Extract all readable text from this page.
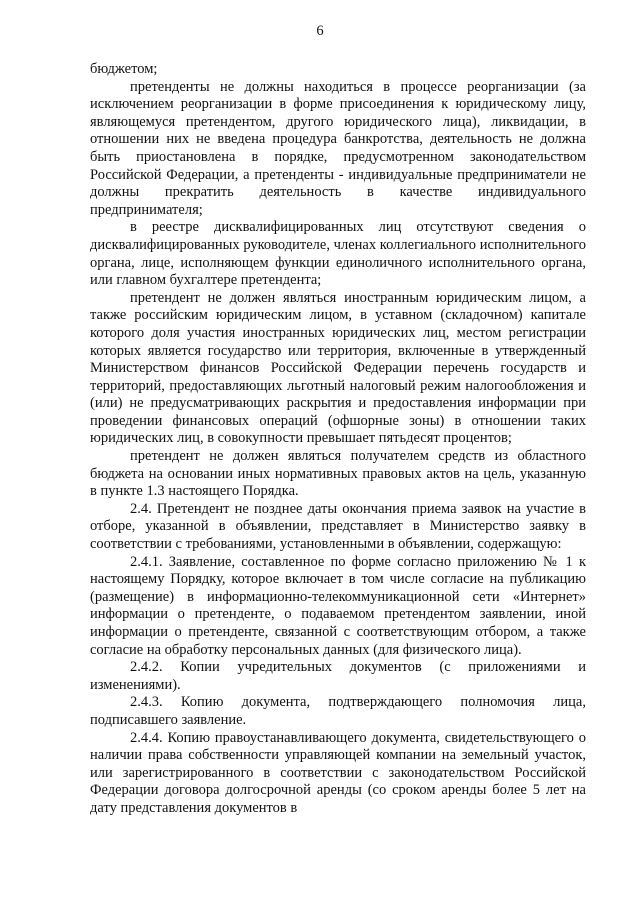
6

бюджетом;

претенденты не должны находиться в процессе реорганизации (за исключением реорганизации в форме присоединения к юридическому лицу, являющемуся претендентом, другого юридического лица), ликвидации, в отношении них не введена процедура банкротства, деятельность не должна быть приостановлена в порядке, предусмотренном законодательством Российской Федерации, а претенденты - индивидуальные предприниматели не должны прекратить деятельность в качестве индивидуального предпринимателя;

в реестре дисквалифицированных лиц отсутствуют сведения о дисквалифицированных руководителе, членах коллегиального исполнительного органа, лице, исполняющем функции единоличного исполнительного органа, или главном бухгалтере претендента;

претендент не должен являться иностранным юридическим лицом, а также российским юридическим лицом, в уставном (складочном) капитале которого доля участия иностранных юридических лиц, местом регистрации которых является государство или территория, включенные в утвержденный Министерством финансов Российской Федерации перечень государств и территорий, предоставляющих льготный налоговый режим налогообложения и (или) не предусматривающих раскрытия и предоставления информации при проведении финансовых операций (офшорные зоны) в отношении таких юридических лиц, в совокупности превышает пятьдесят процентов;

претендент не должен являться получателем средств из областного бюджета на основании иных нормативных правовых актов на цель, указанную в пункте 1.3 настоящего Порядка.

2.4. Претендент не позднее даты окончания приема заявок на участие в отборе, указанной в объявлении, представляет в Министерство заявку в соответствии с требованиями, установленными в объявлении, содержащую:

2.4.1. Заявление, составленное по форме согласно приложению № 1 к настоящему Порядку, которое включает в том числе согласие на публикацию (размещение) в информационно-телекоммуникационной сети «Интернет» информации о претенденте, о подаваемом претендентом заявлении, иной информации о претенденте, связанной с соответствующим отбором, а также согласие на обработку персональных данных (для физического лица).

2.4.2. Копии учредительных документов (с приложениями и изменениями).

2.4.3. Копию документа, подтверждающего полномочия лица, подписавшего заявление.

2.4.4. Копию правоустанавливающего документа, свидетельствующего о наличии права собственности управляющей компании на земельный участок, или зарегистрированного в соответствии с законодательством Российской Федерации договора долгосрочной аренды (со сроком аренды более 5 лет на дату представления документов в
